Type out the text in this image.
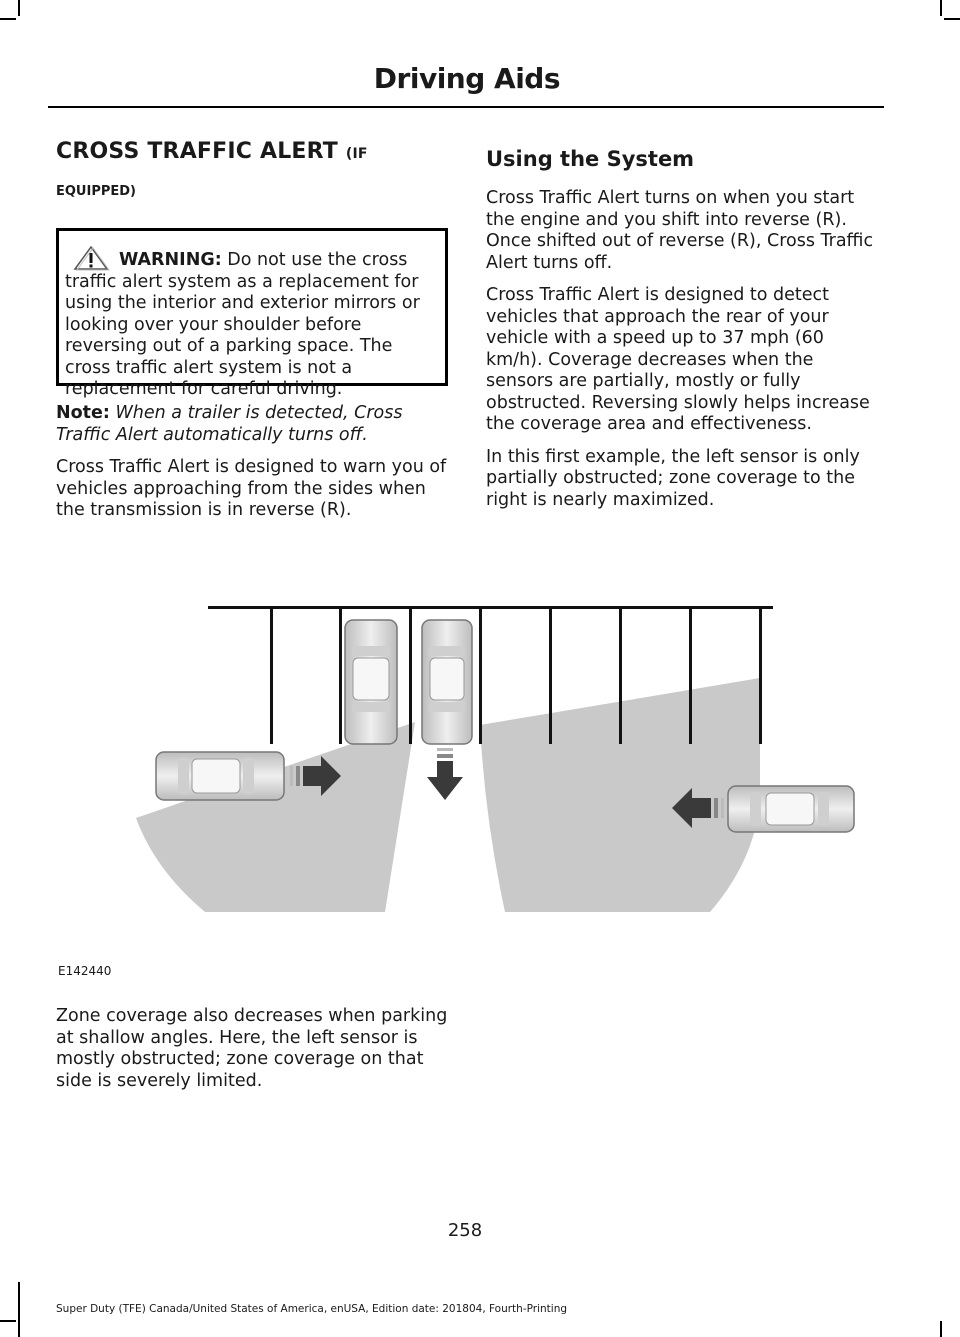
Driving Aids
CROSS TRAFFIC ALERT (IF
EQUIPPED)

WARNING: Do not use the cross traffic alert system as a replacement for using the interior and exterior mirrors or looking over your shoulder before reversing out of a parking space. The cross traffic alert system is not a replacement for careful driving.

Note: When a trailer is detected, Cross Traffic Alert automatically turns off.

Cross Traffic Alert is designed to warn you of vehicles approaching from the sides when the transmission is in reverse (R).

Using the System

Cross Traffic Alert turns on when you start the engine and you shift into reverse (R). Once shifted out of reverse (R), Cross Traffic Alert turns off.

Cross Traffic Alert is designed to detect vehicles that approach the rear of your vehicle with a speed up to 37 mph (60 km/h). Coverage decreases when the sensors are partially, mostly or fully obstructed. Reversing slowly helps increase the coverage area and effectiveness.

In this first example, the left sensor is only partially obstructed; zone coverage to the right is nearly maximized.

E142440

Zone coverage also decreases when parking at shallow angles. Here, the left sensor is mostly obstructed; zone coverage on that side is severely limited.

258
Super Duty (TFE) Canada/United States of America, enUSA, Edition date: 201804, Fourth-Printing
